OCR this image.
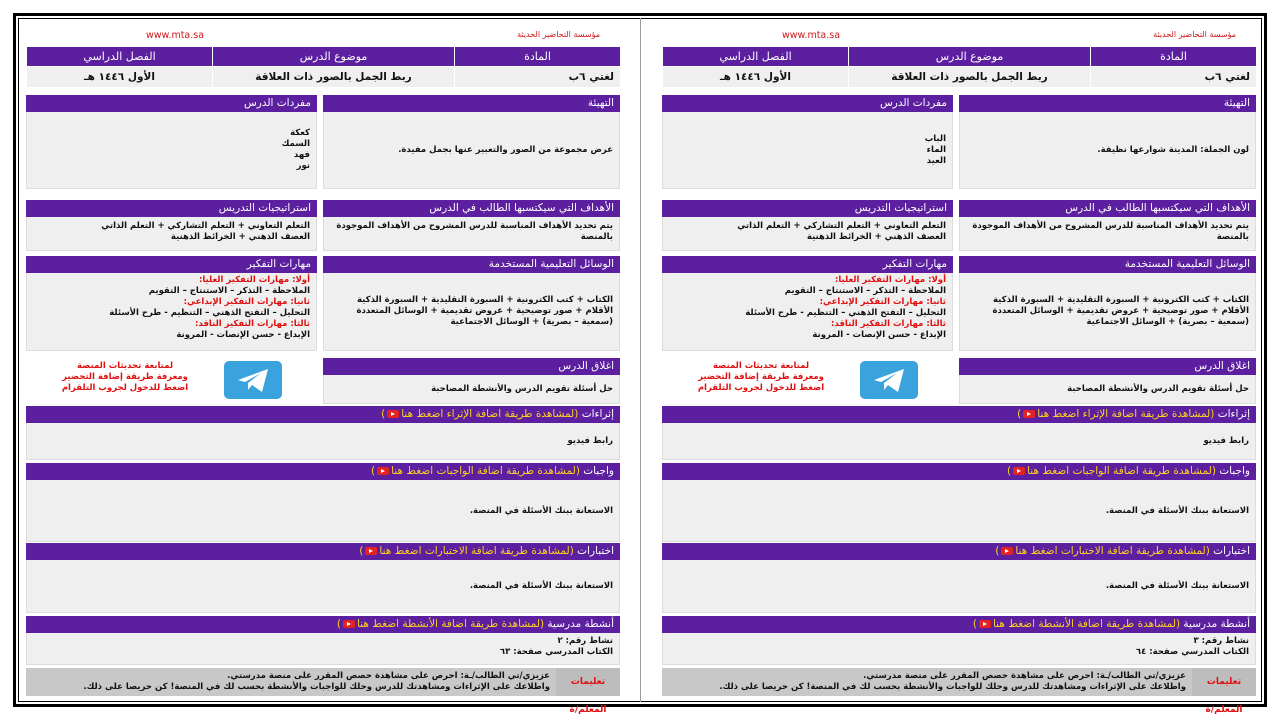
مؤسسة التحاضير الحديثة
www.mta.sa
المادة
لغتي ٦ب
موضوع الدرس
ربط الجمل بالصور ذات العلاقة
الفصل الدراسي
الأول ١٤٤٦ هـ
التهيئة
لون الجملة: المدينة شوارعها نظيفة.
مفردات الدرس
الباب
الماء
العيد
الأهداف التي سيكتسبها الطالب في الدرس
يتم تحديد الأهداف المناسبة للدرس المشروح من الأهداف الموجودة
بالمنصة
استراتيجيات التدريس
التعلم التعاوني + التعلم التشاركي + التعلم الذاتي
العصف الذهني + الخرائط الذهنية
الوسائل التعليمية المستخدمة
الكتاب + كتب الكترونية + السبورة التقليدية + السبورة الذكية
الأقلام + صور توضيحية + عروض تقديمية + الوسائل المتعددة
(سمعية – بصرية) + الوسائل الاجتماعية
مهارات التفكير
أولا: مهارات التفكير العليا:
الملاحظة – التذكر – الاستنتاج – التقويم
ثانيا: مهارات التفكير الإبداعي:
التحليل – التفتح الذهني – التنظيم - طرح الأسئلة
ثالثا: مهارات التفكير الناقد:
الإبداع - حسن الإنصات - المرونة
اغلاق الدرس
حل أسئلة تقويم الدرس والأنشطة المصاحبة
لمتابعة تحديثات المنصة
ومعرفة طريقة إضافة التحضير
اضغط للدخول لجروب التلقرام
إثراءات (لمشاهدة طريقة اضافة الإثراء اضغط هنا)
رابط فيديو
واجبات (لمشاهدة طريقة اضافة الواجبات اضغط هنا)
الاستعانة ببنك الأسئلة في المنصة.
اختبارات (لمشاهدة طريقة اضافة الاختبارات اضغط هنا)
الاستعانة ببنك الأسئلة في المنصة.
أنشطة مدرسية (لمشاهدة طريقة اضافة الأنشطة اضغط هنا)
نشاط رقم: ٣
الكتاب المدرسي صفحة: ٦٤
تعليمات المعلم/ة
عزيزي/تي الطالب/ـة: احرص على مشاهدة حصص المقرر على منصة مدرستي.
واطلاعك على الإثراءات ومشاهدتك للدرس وحلك للواجبات والأنشطة بحسب لك في المنصة! كن حريصا على ذلك.
مؤسسة التحاضير الحديثة
www.mta.sa
المادة
لغتي ٦ب
موضوع الدرس
ربط الجمل بالصور ذات العلاقة
الفصل الدراسي
الأول ١٤٤٦ هـ
التهيئة
عرض مجموعة من الصور والتعبير عنها بجمل مفيدة.
مفردات الدرس
كعكة
السمك
فهد
نور
الأهداف التي سيكتسبها الطالب في الدرس
يتم تحديد الأهداف المناسبة للدرس المشروح من الأهداف الموجودة
بالمنصة
استراتيجيات التدريس
التعلم التعاوني + التعلم التشاركي + التعلم الذاتي
العصف الذهني + الخرائط الذهنية
الوسائل التعليمية المستخدمة
الكتاب + كتب الكترونية + السبورة التقليدية + السبورة الذكية
الأقلام + صور توضيحية + عروض تقديمية + الوسائل المتعددة
(سمعية – بصرية) + الوسائل الاجتماعية
مهارات التفكير
أولا: مهارات التفكير العليا:
الملاحظة – التذكر – الاستنتاج – التقويم
ثانيا: مهارات التفكير الإبداعي:
التحليل – التفتح الذهني – التنظيم - طرح الأسئلة
ثالثا: مهارات التفكير الناقد:
الإبداع - حسن الإنصات - المرونة
اغلاق الدرس
حل أسئلة تقويم الدرس والأنشطة المصاحبة
لمتابعة تحديثات المنصة
ومعرفة طريقة إضافة التحضير
اضغط للدخول لجروب التلقرام
إثراءات (لمشاهدة طريقة اضافة الإثراء اضغط هنا)
رابط فيديو
واجبات (لمشاهدة طريقة اضافة الواجبات اضغط هنا)
الاستعانة ببنك الأسئلة في المنصة.
اختبارات (لمشاهدة طريقة اضافة الاختبارات اضغط هنا)
الاستعانة ببنك الأسئلة في المنصة.
أنشطة مدرسية (لمشاهدة طريقة اضافة الأنشطة اضغط هنا)
نشاط رقم: ٢
الكتاب المدرسي صفحة: ٦٣
تعليمات المعلم/ة
عزيزي/تي الطالب/ـة: احرص على مشاهدة حصص المقرر على منصة مدرستي.
واطلاعك على الإثراءات ومشاهدتك للدرس وحلك للواجبات والأنشطة بحسب لك في المنصة! كن حريصا على ذلك.
